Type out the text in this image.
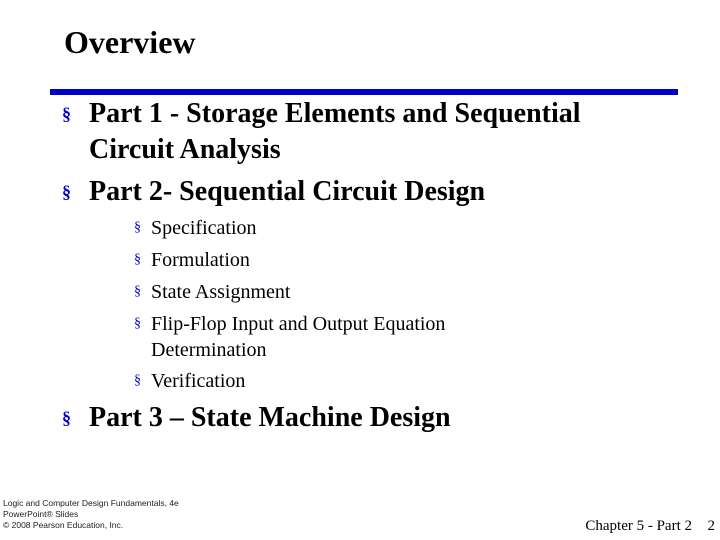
Overview
§ Part 1 - Storage Elements and Sequential
Circuit Analysis
§ Part 2- Sequential Circuit Design
§ Specification
§ Formulation
§ State Assignment
§ Flip-Flop Input and Output Equation
Determination
§ Verification
§ Part 3 – State Machine Design
Logic and Computer Design Fundamentals, 4e
PowerPoint® Slides
© 2008 Pearson Education, Inc.	Chapter 5 - Part 2 2
